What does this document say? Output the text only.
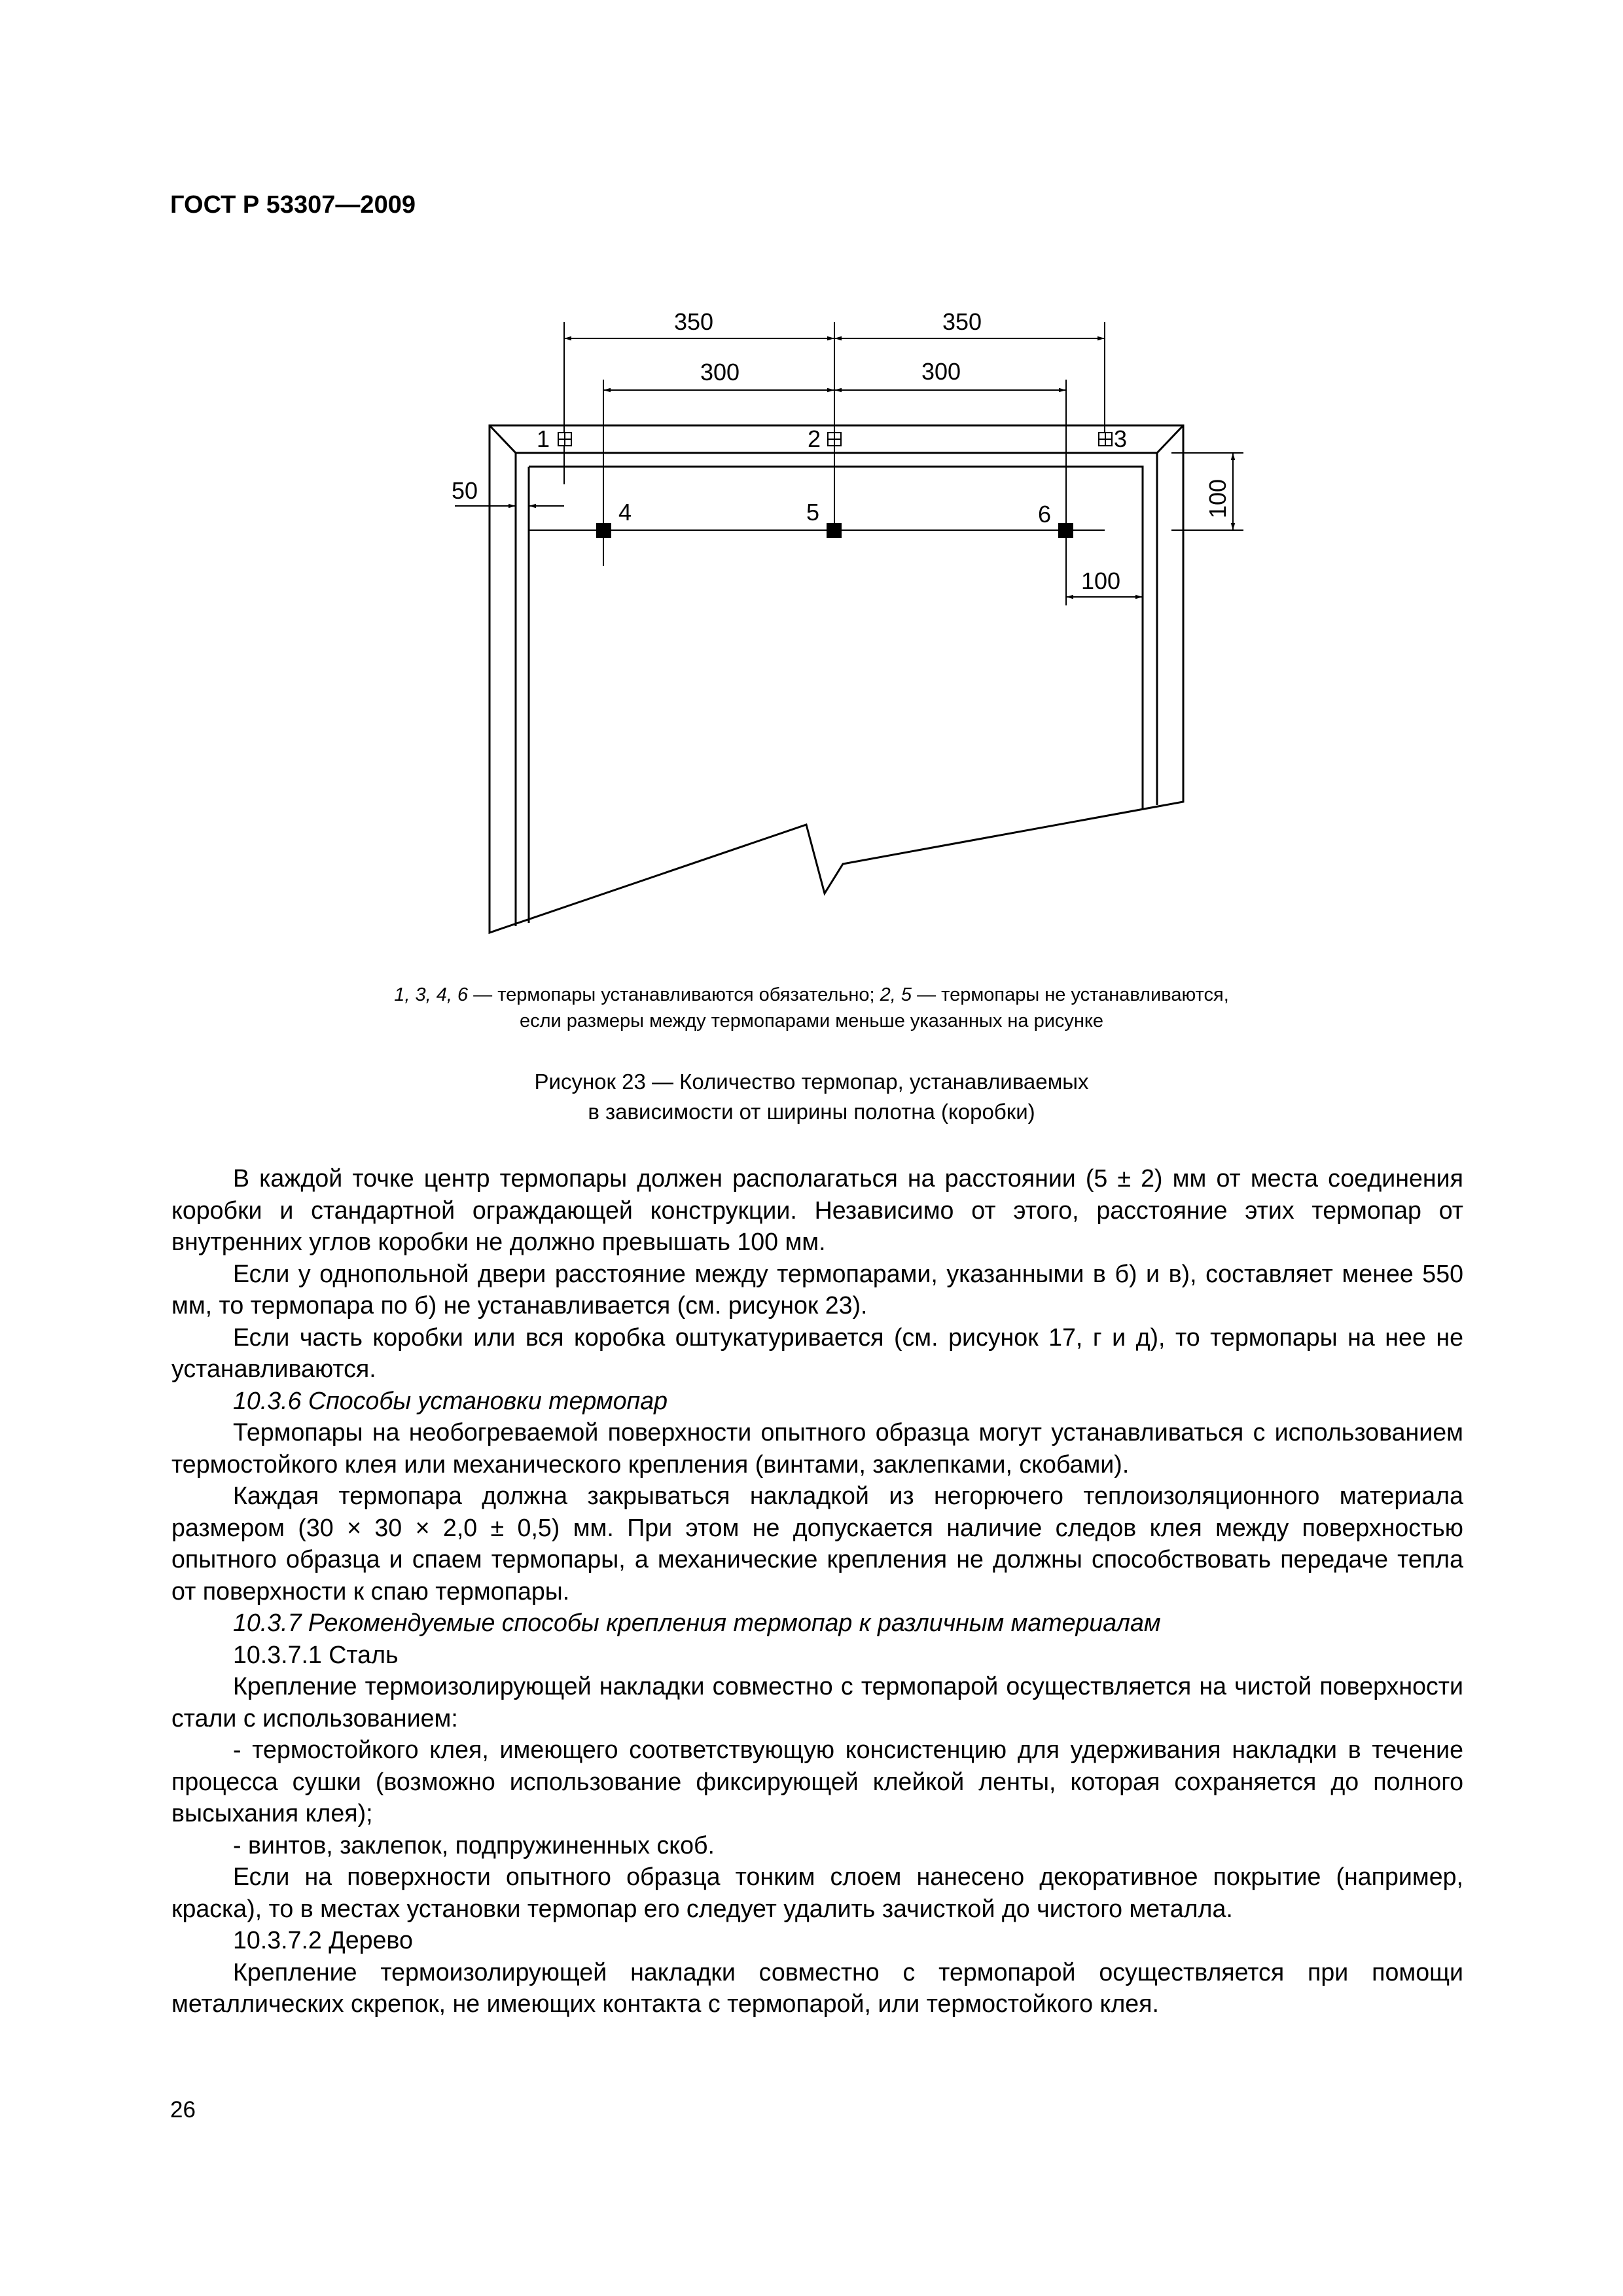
ГОСТ Р 53307—2009
350	350
300	300
50
100
100
1	2	3
4	5	6
1, 3, 4, 6 — термопары устанавливаются обязательно; 2, 5 — термопары не устанавливаются,
если размеры между термопарами меньше указанных на рисунке
Рисунок 23 — Количество термопар, устанавливаемых
в зависимости от ширины полотна (коробки)

В каждой точке центр термопары должен располагаться на расстоянии (5 ± 2) мм от места соединения коробки и стандартной ограждающей конструкции. Независимо от этого, расстояние этих термопар от внутренних углов коробки не должно превышать 100 мм.

Если у однопольной двери расстояние между термопарами, указанными в б) и в), составляет менее 550 мм, то термопара по б) не устанавливается (см. рисунок 23).

Если часть коробки или вся коробка оштукатуривается (см. рисунок 17, г и д), то термопары на нее не устанавливаются.

10.3.6 Способы установки термопар

Термопары на необогреваемой поверхности опытного образца могут устанавливаться с использованием термостойкого клея или механического крепления (винтами, заклепками, скобами).

Каждая термопара должна закрываться накладкой из негорючего теплоизоляционного материала размером (30 × 30 × 2,0 ± 0,5) мм. При этом не допускается наличие следов клея между поверхностью опытного образца и спаем термопары, а механические крепления не должны способствовать передаче тепла от поверхности к спаю термопары.

10.3.7 Рекомендуемые способы крепления термопар к различным материалам

10.3.7.1 Сталь

Крепление термоизолирующей накладки совместно с термопарой осуществляется на чистой поверхности стали с использованием:

- термостойкого клея, имеющего соответствующую консистенцию для удерживания накладки в течение процесса сушки (возможно использование фиксирующей клейкой ленты, которая сохраняется до полного высыхания клея);

- винтов, заклепок, подпружиненных скоб.

Если на поверхности опытного образца тонким слоем нанесено декоративное покрытие (например, краска), то в местах установки термопар его следует удалить зачисткой до чистого металла.

10.3.7.2 Дерево

Крепление термоизолирующей накладки совместно с термопарой осуществляется при помощи металлических скрепок, не имеющих контакта с термопарой, или термостойкого клея.

26
